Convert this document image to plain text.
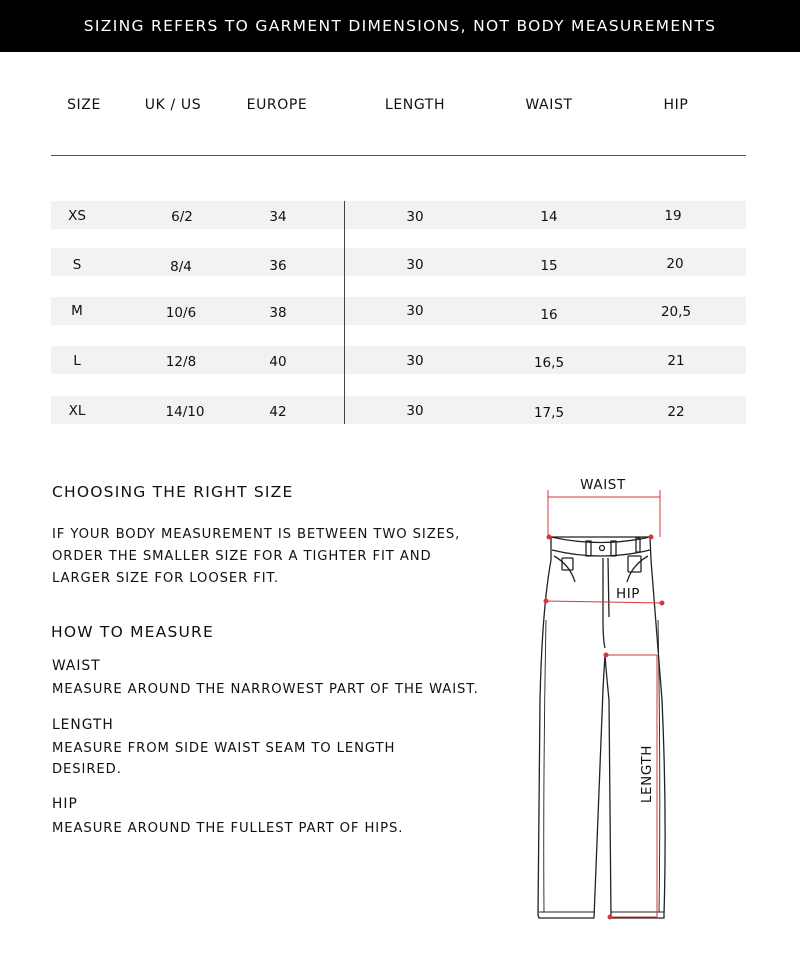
SIZING REFERS TO GARMENT DIMENSIONS, NOT BODY MEASUREMENTS
SIZE	UK / US	EUROPE	LENGTH	WAIST	HIP
XS	6/2	34	30	14	19
S	8/4	36	30	15	20
M	10/6	38	30	16	20,5
L	12/8	40	30	16,5	21
XL	14/10	42	30	17,5	22
CHOOSING THE RIGHT SIZE
IF YOUR BODY MEASUREMENT IS BETWEEN TWO SIZES,
ORDER THE SMALLER SIZE FOR A TIGHTER FIT AND
LARGER SIZE FOR LOOSER FIT.
HOW TO MEASURE
WAIST
MEASURE AROUND THE NARROWEST PART OF THE WAIST.
LENGTH
MEASURE FROM SIDE WAIST SEAM TO LENGTH
DESIRED.
HIP
MEASURE AROUND THE FULLEST PART OF HIPS.
WAIST
HIP
LENGTH
